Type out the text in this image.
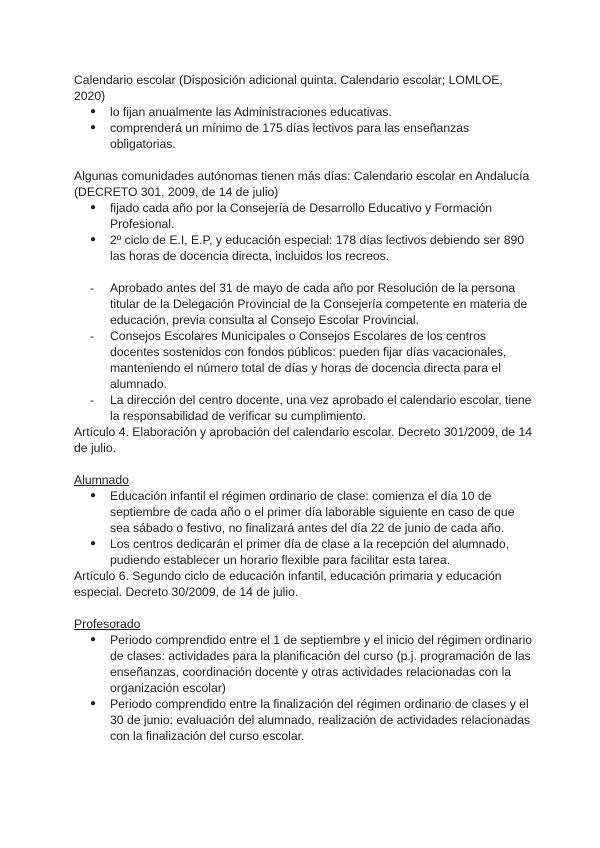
Calendario escolar (Disposición adicional quinta. Calendario escolar; LOMLOE, 2020)

● lo fijan anualmente las Administraciones educativas.
● comprenderá un mínimo de 175 días lectivos para las enseñanzas obligatorias.

Algunas comunidades autónomas tienen más días: Calendario escolar en Andalucía (DECRETO 301, 2009, de 14 de julio)

● fijado cada año por la Consejería de Desarrollo Educativo y Formación Profesional.
● 2º ciclo de E.I, E.P, y educación especial: 178 días lectivos debiendo ser 890 las horas de docencia directa, incluidos los recreos.
- Aprobado antes del 31 de mayo de cada año por Resolución de la persona titular de la Delegación Provincial de la Consejería competente en materia de educación, previa consulta al Consejo Escolar Provincial.
- Consejos Escolares Municipales o Consejos Escolares de los centros docentes sostenidos con fondos públicos: pueden fijar días vacacionales, manteniendo el número total de días y horas de docencia directa para el alumnado.
- La dirección del centro docente, una vez aprobado el calendario escolar, tiene la responsabilidad de verificar su cumplimiento.

Artículo 4. Elaboración y aprobación del calendario escolar. Decreto 301/2009, de 14 de julio.

Alumnado

● Educación infantil el régimen ordinario de clase: comienza el día 10 de septiembre de cada año o el primer día laborable siguiente en caso de que sea sábado o festivo, no finalizará antes del día 22 de junio de cada año.
● Los centros dedicarán el primer día de clase a la recepción del alumnado, pudiendo establecer un horario flexible para facilitar esta tarea.

Artículo 6. Segundo ciclo de educación infantil, educación primaria y educación especial. Decreto 30/2009, de 14 de julio.

Profesorado

● Periodo comprendido entre el 1 de septiembre y el inicio del régimen ordinario de clases: actividades para la planificación del curso (p.j. programación de las enseñanzas, coordinación docente y otras actividades relacionadas con la organización escolar)
● Periodo comprendido entre la finalización del régimen ordinario de clases y el 30 de junio: evaluación del alumnado, realización de actividades relacionadas con la finalización del curso escolar.
